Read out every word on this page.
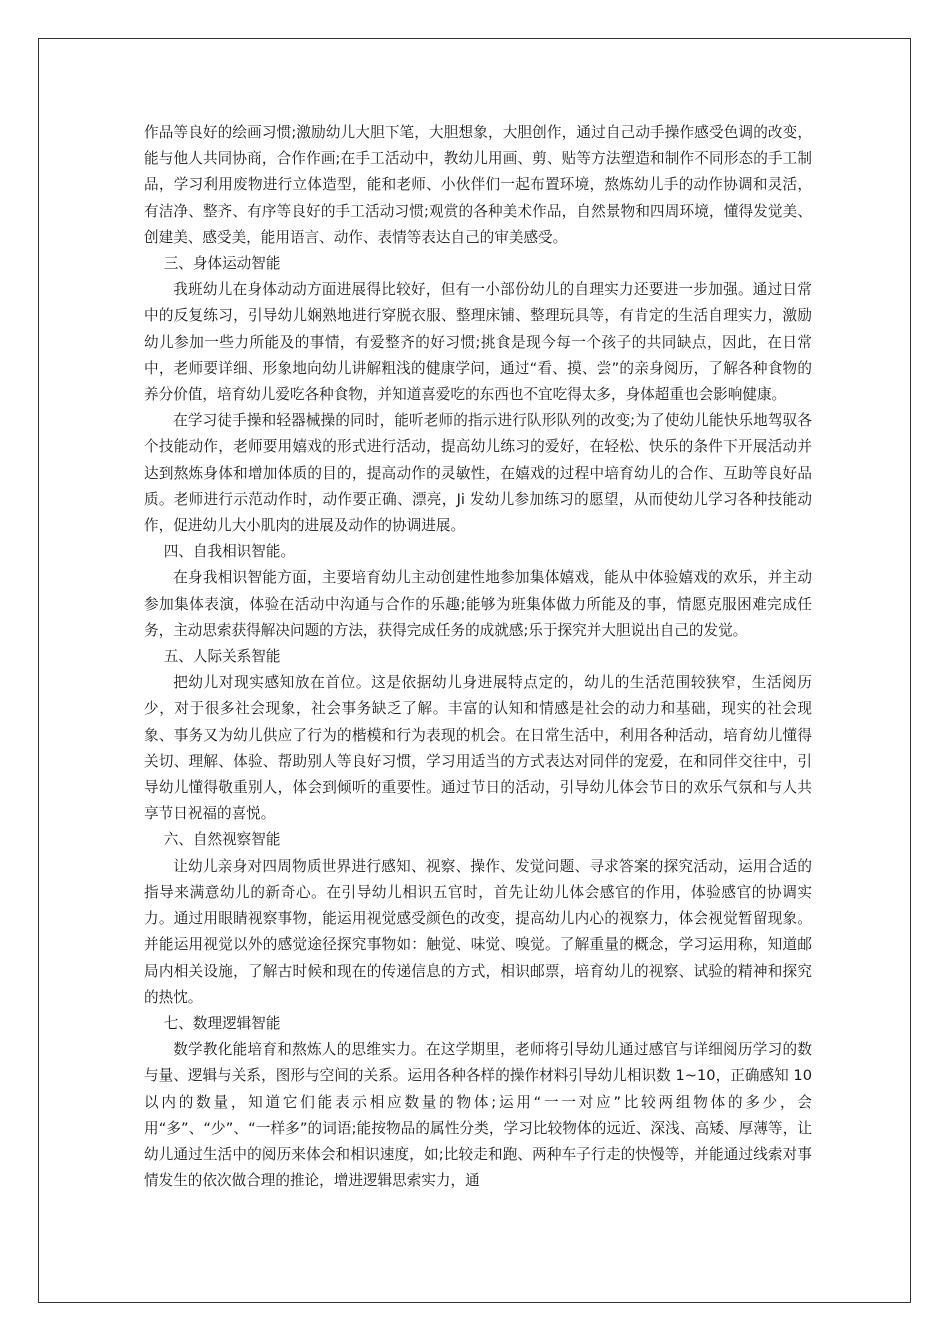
作品等良好的绘画习惯;激励幼儿大胆下笔，大胆想象，大胆创作，通过自己动手操作感受色调的改变，能与他人共同协商，合作作画;在手工活动中，教幼儿用画、剪、贴等方法塑造和制作不同形态的手工制品，学习利用废物进行立体造型，能和老师、小伙伴们一起布置环境，熬炼幼儿手的动作协调和灵活，有洁净、整齐、有序等良好的手工活动习惯;观赏的各种美术作品，自然景物和四周环境，懂得发觉美、创建美、感受美，能用语言、动作、表情等表达自己的审美感受。

三、身体运动智能

我班幼儿在身体动动方面进展得比较好，但有一小部份幼儿的自理实力还要进一步加强。通过日常中的反复练习，引导幼儿娴熟地进行穿脱衣服、整理床铺、整理玩具等，有肯定的生活自理实力，激励幼儿参加一些力所能及的事情，有爱整齐的好习惯;挑食是现今每一个孩子的共同缺点，因此，在日常中，老师要详细、形象地向幼儿讲解粗浅的健康学问，通过“看、摸、尝”的亲身阅历，了解各种食物的养分价值，培育幼儿爱吃各种食物，并知道喜爱吃的东西也不宜吃得太多，身体超重也会影响健康。

在学习徒手操和轻器械操的同时，能听老师的指示进行队形队列的改变;为了使幼儿能快乐地驾驭各个技能动作，老师要用嬉戏的形式进行活动，提高幼儿练习的爱好，在轻松、快乐的条件下开展活动并达到熬炼身体和增加体质的目的，提高动作的灵敏性，在嬉戏的过程中培育幼儿的合作、互助等良好品质。老师进行示范动作时，动作要正确、漂亮，Ji 发幼儿参加练习的愿望，从而使幼儿学习各种技能动作，促进幼儿大小肌肉的进展及动作的协调进展。

四、自我相识智能。

在身我相识智能方面，主要培育幼儿主动创建性地参加集体嬉戏，能从中体验嬉戏的欢乐，并主动参加集体表演，体验在活动中沟通与合作的乐趣;能够为班集体做力所能及的事，情愿克服困难完成任务，主动思索获得解决问题的方法，获得完成任务的成就感;乐于探究并大胆说出自己的发觉。

五、人际关系智能

把幼儿对现实感知放在首位。这是依据幼儿身进展特点定的，幼儿的生活范围较狭窄，生活阅历少，对于很多社会现象，社会事务缺乏了解。丰富的认知和情感是社会的动力和基础，现实的社会现象、事务又为幼儿供应了行为的楷模和行为表现的机会。在日常生活中，利用各种活动，培育幼儿懂得关切、理解、体验、帮助别人等良好习惯，学习用适当的方式表达对同伴的宠爱，在和同伴交往中，引导幼儿懂得敬重别人，体会到倾听的重要性。通过节日的活动，引导幼儿体会节日的欢乐气氛和与人共享节日祝福的喜悦。

六、自然视察智能

让幼儿亲身对四周物质世界进行感知、视察、操作、发觉问题、寻求答案的探究活动，运用合适的指导来满意幼儿的新奇心。在引导幼儿相识五官时，首先让幼儿体会感官的作用，体验感官的协调实力。通过用眼睛视察事物，能运用视觉感受颜色的改变，提高幼儿内心的视察力，体会视觉暂留现象。并能运用视觉以外的感觉途径探究事物如：触觉、味觉、嗅觉。了解重量的概念，学习运用称，知道邮局内相关设施，了解古时候和现在的传递信息的方式，相识邮票，培育幼儿的视察、试验的精神和探究的热忱。

七、数理逻辑智能

数学教化能培育和熬炼人的思维实力。在这学期里，老师将引导幼儿通过感官与详细阅历学习的数与量、逻辑与关系，图形与空间的关系。运用各种各样的操作材料引导幼儿相识数 1~10，正确感知 10 以内的数量，知道它们能表示相应数量的物体;运用“一一对应”比较两组物体的多少，会用“多”、“少”、“一样多”的词语;能按物品的属性分类，学习比较物体的远近、深浅、高矮、厚薄等，让幼儿通过生活中的阅历来体会和相识速度，如;比较走和跑、两种车子行走的快慢等，并能通过线索对事情发生的依次做合理的推论，增进逻辑思索实力，通
